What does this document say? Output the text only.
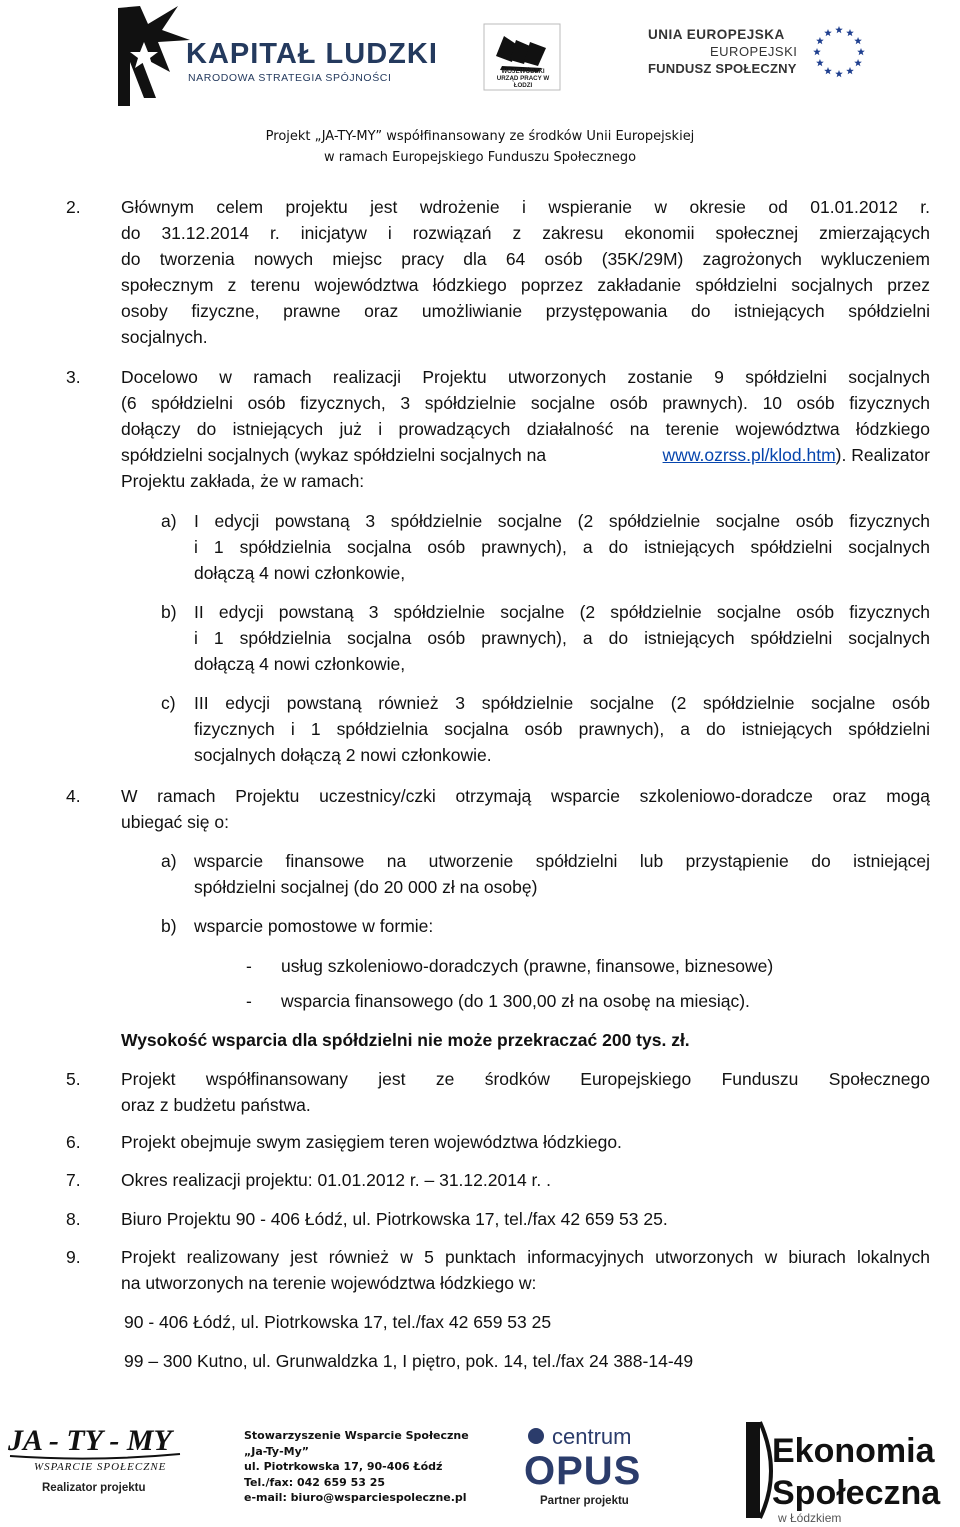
KAPITAŁ LUDZKI
NARODOWA STRATEGIA SPÓJNOŚCI
WOJEWÓDZKI URZĄD PRACY W ŁODZI
UNIA EUROPEJSKA
EUROPEJSKI
FUNDUSZ SPOŁECZNY
Projekt „JA-TY-MY” współfinansowany ze środków Unii Europejskiej
w ramach Europejskiego Funduszu Społecznego
2. Głównym celem projektu jest wdrożenie i wspieranie w okresie od 01.01.2012 r.
do 31.12.2014 r. inicjatyw i rozwiązań z zakresu ekonomii społecznej zmierzających
do tworzenia nowych miejsc pracy dla 64 osób (35K/29M) zagrożonych wykluczeniem
społecznym z terenu województwa łódzkiego poprzez zakładanie spółdzielni socjalnych przez
osoby fizyczne, prawne oraz umożliwianie przystępowania do istniejących spółdzielni
socjalnych.
3. Docelowo w ramach realizacji Projektu utworzonych zostanie 9 spółdzielni socjalnych
(6 spółdzielni osób fizycznych, 3 spółdzielnie socjalne osób prawnych). 10 osób fizycznych
dołączy do istniejących już i prowadzących działalność na terenie województwa łódzkiego
spółdzielni socjalnych (wykaz spółdzielni socjalnych na	www.ozrss.pl/klod.htm). Realizator
Projektu zakłada, że w ramach:
a) I edycji powstaną 3 spółdzielnie socjalne (2 spółdzielnie socjalne osób fizycznych
i 1 spółdzielnia socjalna osób prawnych), a do istniejących spółdzielni socjalnych
dołączą 4 nowi członkowie,
b) II edycji powstaną 3 spółdzielnie socjalne (2 spółdzielnie socjalne osób fizycznych
i 1 spółdzielnia socjalna osób prawnych), a do istniejących spółdzielni socjalnych
dołączą 4 nowi członkowie,
c) III edycji powstaną również 3 spółdzielnie socjalne (2 spółdzielnie socjalne osób
fizycznych i 1 spółdzielnia socjalna osób prawnych), a do istniejących spółdzielni
socjalnych dołączą 2 nowi członkowie.
4. W ramach Projektu uczestnicy/czki otrzymają wsparcie szkoleniowo-doradcze oraz mogą
ubiegać się o:
a) wsparcie finansowe na utworzenie spółdzielni lub przystąpienie do istniejącej
spółdzielni socjalnej (do 20 000 zł na osobę)
b) wsparcie pomostowe w formie:
- usług szkoleniowo-doradczych (prawne, finansowe, biznesowe)
- wsparcia finansowego (do 1 300,00 zł na osobę na miesiąc).
Wysokość wsparcia dla spółdzielni nie może przekraczać 200 tys. zł.
5. Projekt współfinansowany jest ze środków Europejskiego Funduszu Społecznego
oraz z budżetu państwa.
6. Projekt obejmuje swym zasięgiem teren województwa łódzkiego.
7. Okres realizacji projektu: 01.01.2012 r. – 31.12.2014 r. .
8. Biuro Projektu 90 - 406 Łódź, ul. Piotrkowska 17, tel./fax 42 659 53 25.
9. Projekt realizowany jest również w 5 punktach informacyjnych utworzonych w biurach lokalnych
na utworzonych na terenie województwa łódzkiego w:
90 - 406 Łódź, ul. Piotrkowska 17, tel./fax 42 659 53 25
99 – 300 Kutno, ul. Grunwaldzka 1, I piętro, pok. 14, tel./fax 24 388-14-49
JA - TY - MY
WSPARCIE SPOŁECZNE
Realizator projektu
Stowarzyszenie Wsparcie Społeczne
„Ja-Ty-My”
ul. Piotrkowska 17, 90-406 Łódź
Tel./fax: 042 659 53 25
e-mail: biuro@wsparciespoleczne.pl
centrum
OPUS
Partner projektu
Ekonomia
Społeczna
w Łódzkiem
